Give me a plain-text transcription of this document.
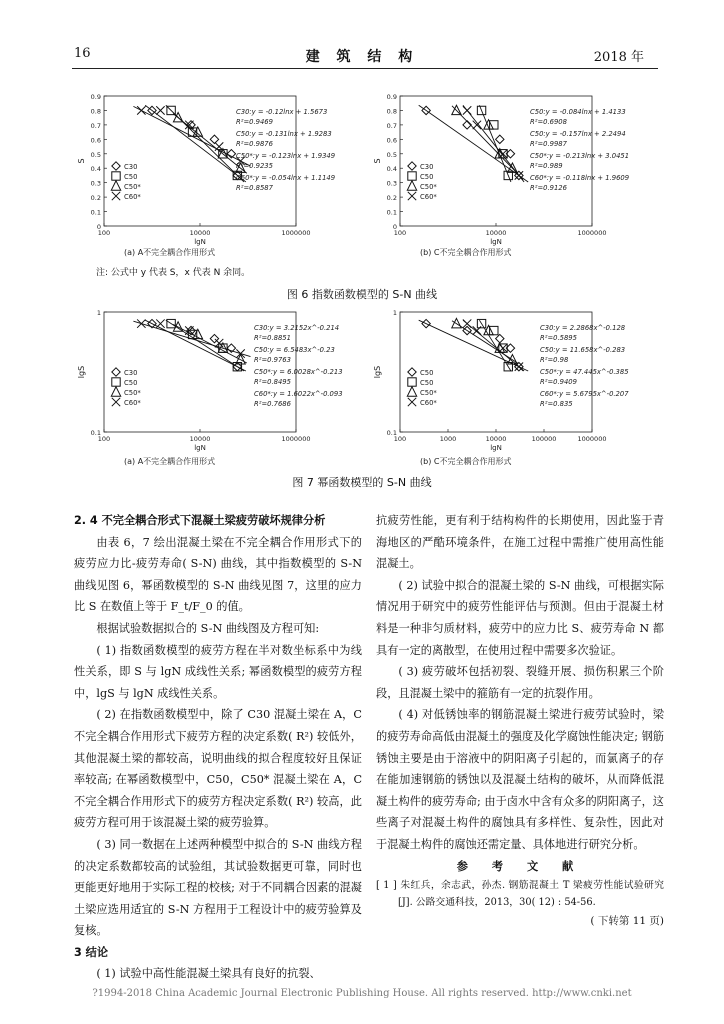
16	建 筑 结 构	2018 年
0
0.1
0.2
0.3
0.4
0.5
0.6
0.7
0.8
0.9
100	10000	1000000
S
lgN
(a) A不完全耦合作用形式
C30:y = -0.12lnx + 1.5673
R²=0.9469
C50:y = -0.131lnx + 1.9283
R²=0.9876
C50*:y = -0.123lnx + 1.9349
R²=0.9235
C60*:y = -0.054lnx + 1.1149
R²=0.8587
C30
C50
C50*
C60*
0
0.1
0.2
0.3
0.4
0.5
0.6
0.7
0.8
0.9
100	10000	1000000
S
lgN
(b) C不完全耦合作用形式
C50:y = -0.084lnx + 1.4133
R²=0.6908
C50:y = -0.157lnx + 2.2494
R²=0.9987
C50*:y = -0.213lnx + 3.0451
R²=0.989
C60*:y = -0.118lnx + 1.9609
R²=0.9126
C30
C50
C50*
C60*
0.1
1
100	10000	1000000
lgS
lgN
(a) A不完全耦合作用形式
C30:y = 3.2152x^-0.214
R²=0.8851
C50:y = 6.5483x^-0.23
R²=0.9763
C50*:y = 6.0028x^-0.213
R²=0.8495
C60*:y = 1.6022x^-0.093
R²=0.7686
C30
C50
C50*
C60*
0.1
1
100	1000	10000	100000	1000000
lgS
lgN
(b) C不完全耦合作用形式
C30:y = 2.2868x^-0.128
R²=0.5895
C50:y = 11.658x^-0.283
R²=0.98
C50*:y = 47.445x^-0.385
R²=0.9409
C60*:y = 5.6795x^-0.207
R²=0.835
C50
C50
C50*
C60*
注: 公式中 y 代表 S，x 代表 N 余同。
图 6 指数函数模型的 S-N 曲线
图 7 幂函数模型的 S-N 曲线

2. 4 不完全耦合形式下混凝土梁疲劳破坏规律分析

由表 6，7 绘出混凝土梁在不完全耦合作用形式下的疲劳应力比-疲劳寿命( S-N) 曲线，其中指数模型的 S-N 曲线见图 6，幂函数模型的 S-N 曲线见图 7，这里的应力比 S 在数值上等于 F_t/F_0 的值。

根据试验数据拟合的 S-N 曲线图及方程可知:

( 1) 指数函数模型的疲劳方程在半对数坐标系中为线性关系，即 S 与 lgN 成线性关系; 幂函数模型的疲劳方程中，lgS 与 lgN 成线性关系。

( 2) 在指数函数模型中，除了 C30 混凝土梁在 A，C 不完全耦合作用形式下疲劳方程的决定系数( R²) 较低外，其他混凝土梁的都较高，说明曲线的拟合程度较好且保证率较高; 在幂函数模型中，C50，C50* 混凝土梁在 A，C 不完全耦合作用形式下的疲劳方程决定系数( R²) 较高，此疲劳方程可用于该混凝土梁的疲劳验算。

( 3) 同一数据在上述两种模型中拟合的 S-N 曲线方程的决定系数都较高的试验组，其试验数据更可靠，同时也更能更好地用于实际工程的校核; 对于不同耦合因素的混凝土梁应选用适宜的 S-N 方程用于工程设计中的疲劳验算及复核。

3 结论

( 1) 试验中高性能混凝土梁具有良好的抗裂、

抗疲劳性能，更有利于结构构件的长期使用，因此鉴于青海地区的严酷环境条件，在施工过程中需推广使用高性能混凝土。

( 2) 试验中拟合的混凝土梁的 S-N 曲线，可根据实际情况用于研究中的疲劳性能评估与预测。但由于混凝土材料是一种非匀质材料，疲劳中的应力比 S、疲劳寿命 N 都具有一定的离散型，在使用过程中需要多次验证。

( 3) 疲劳破坏包括初裂、裂缝开展、损伤积累三个阶段，且混凝土梁中的箍筋有一定的抗裂作用。

( 4) 对低锈蚀率的钢筋混凝土梁进行疲劳试验时，梁的疲劳寿命高低由混凝土的强度及化学腐蚀性能决定; 钢筋锈蚀主要是由于溶液中的阴阳离子引起的，而氯离子的存在能加速钢筋的锈蚀以及混凝土结构的破坏，从而降低混凝土构件的疲劳寿命; 由于卤水中含有众多的阴阳离子，这些离子对混凝土构件的腐蚀具有多样性、复杂性，因此对于混凝土构件的腐蚀还需定量、具体地进行研究分析。

参 考 文 献

[ 1 ] 朱红兵，余志武，孙杰. 钢筋混凝土 T 梁疲劳性能试验研究[J]. 公路交通科技，2013，30( 12) : 54-56.

( 下转第 11 页)

?1994-2018 China Academic Journal Electronic Publishing House. All rights reserved. http://www.cnki.net
